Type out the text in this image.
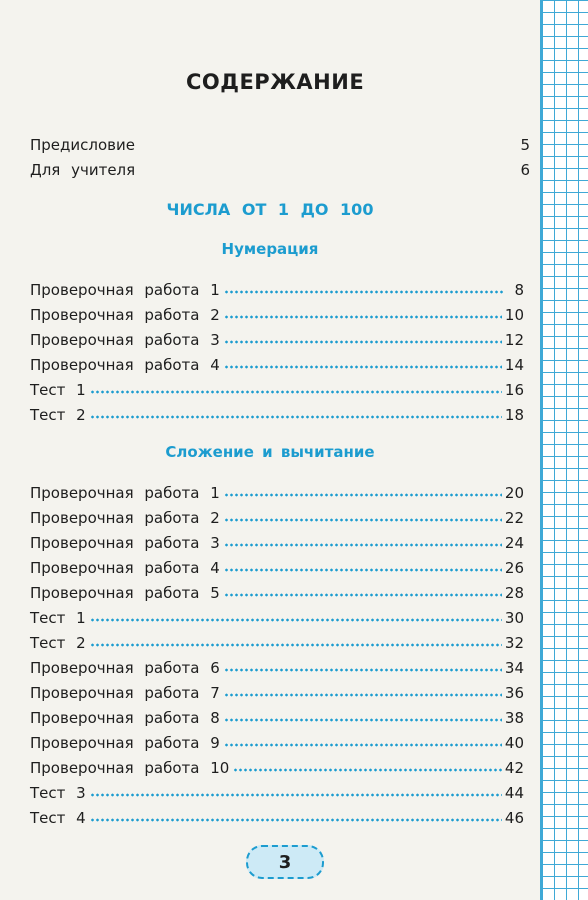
СОДЕРЖАНИЕ
Предисловие	5
Для учителя	6
ЧИСЛА ОТ 1 ДО 100
Нумерация
Проверочная работа 1	8
Проверочная работа 2	10
Проверочная работа 3	12
Проверочная работа 4	14
Тест 1	16
Тест 2	18
Сложение и вычитание
Проверочная работа 1	20
Проверочная работа 2	22
Проверочная работа 3	24
Проверочная работа 4	26
Проверочная работа 5	28
Тест 1	30
Тест 2	32
Проверочная работа 6	34
Проверочная работа 7	36
Проверочная работа 8	38
Проверочная работа 9	40
Проверочная работа 10	42
Тест 3	44
Тест 4	46
3
